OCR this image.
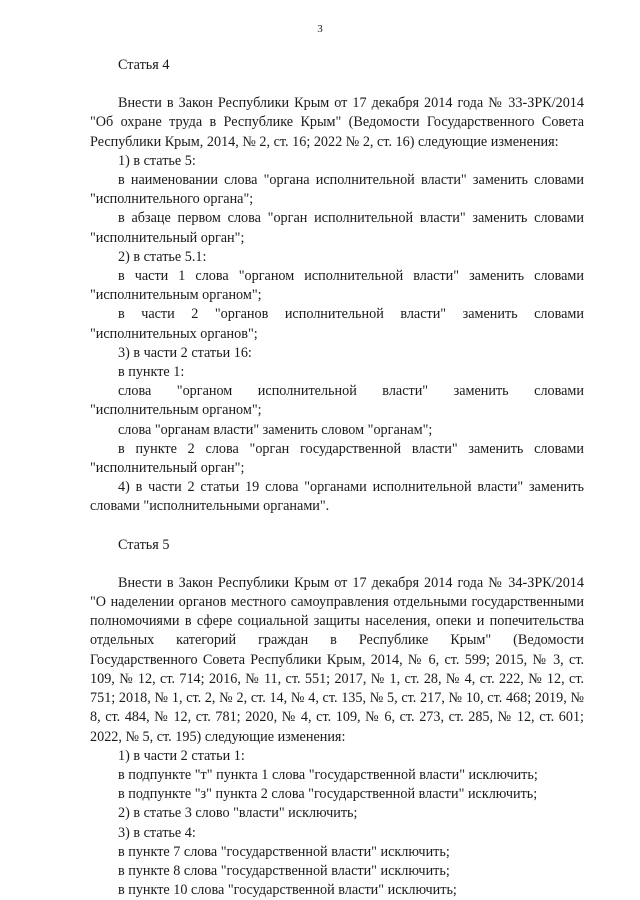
3
Статья 4

Внести в Закон Республики Крым от 17 декабря 2014 года № 33-ЗРК/2014 "Об охране труда в Республике Крым" (Ведомости Государственного Совета Республики Крым, 2014, № 2, ст. 16; 2022 № 2, ст. 16) следующие изменения:

1) в статье 5:

в наименовании слова "органа исполнительной власти" заменить словами "исполнительного органа";

в абзаце первом слова "орган исполнительной власти" заменить словами "исполнительный орган";

2) в статье 5.1:

в части 1 слова "органом исполнительной власти" заменить словами "исполнительным органом";

в части 2 "органов исполнительной власти" заменить словами "исполнительных органов";

3) в части 2 статьи 16:

в пункте 1:

слова "органом исполнительной власти" заменить словами "исполнительным органом";

слова "органам власти" заменить словом "органам";

в пункте 2 слова "орган государственной власти" заменить словами "исполнительный орган";

4) в части 2 статьи 19 слова "органами исполнительной власти" заменить словами "исполнительными органами".

Статья 5

Внести в Закон Республики Крым от 17 декабря 2014 года № 34-ЗРК/2014 "О наделении органов местного самоуправления отдельными государственными полномочиями в сфере социальной защиты населения, опеки и попечительства отдельных категорий граждан в Республике Крым" (Ведомости Государственного Совета Республики Крым, 2014, № 6, ст. 599; 2015, № 3, ст. 109, № 12, ст. 714; 2016, № 11, ст. 551; 2017, № 1, ст. 28, № 4, ст. 222, № 12, ст. 751; 2018, № 1, ст. 2, № 2, ст. 14, № 4, ст. 135, № 5, ст. 217, № 10, ст. 468; 2019, № 8, ст. 484, № 12, ст. 781; 2020, № 4, ст. 109, № 6, ст. 273, ст. 285, № 12, ст. 601; 2022, № 5, ст. 195) следующие изменения:

1) в части 2 статьи 1:

в подпункте "т" пункта 1 слова "государственной власти" исключить;

в подпункте "з" пункта 2 слова "государственной власти" исключить;

2) в статье 3 слово "власти" исключить;

3) в статье 4:

в пункте 7 слова "государственной власти" исключить;

в пункте 8 слова "государственной власти" исключить;

в пункте 10 слова "государственной власти" исключить;
